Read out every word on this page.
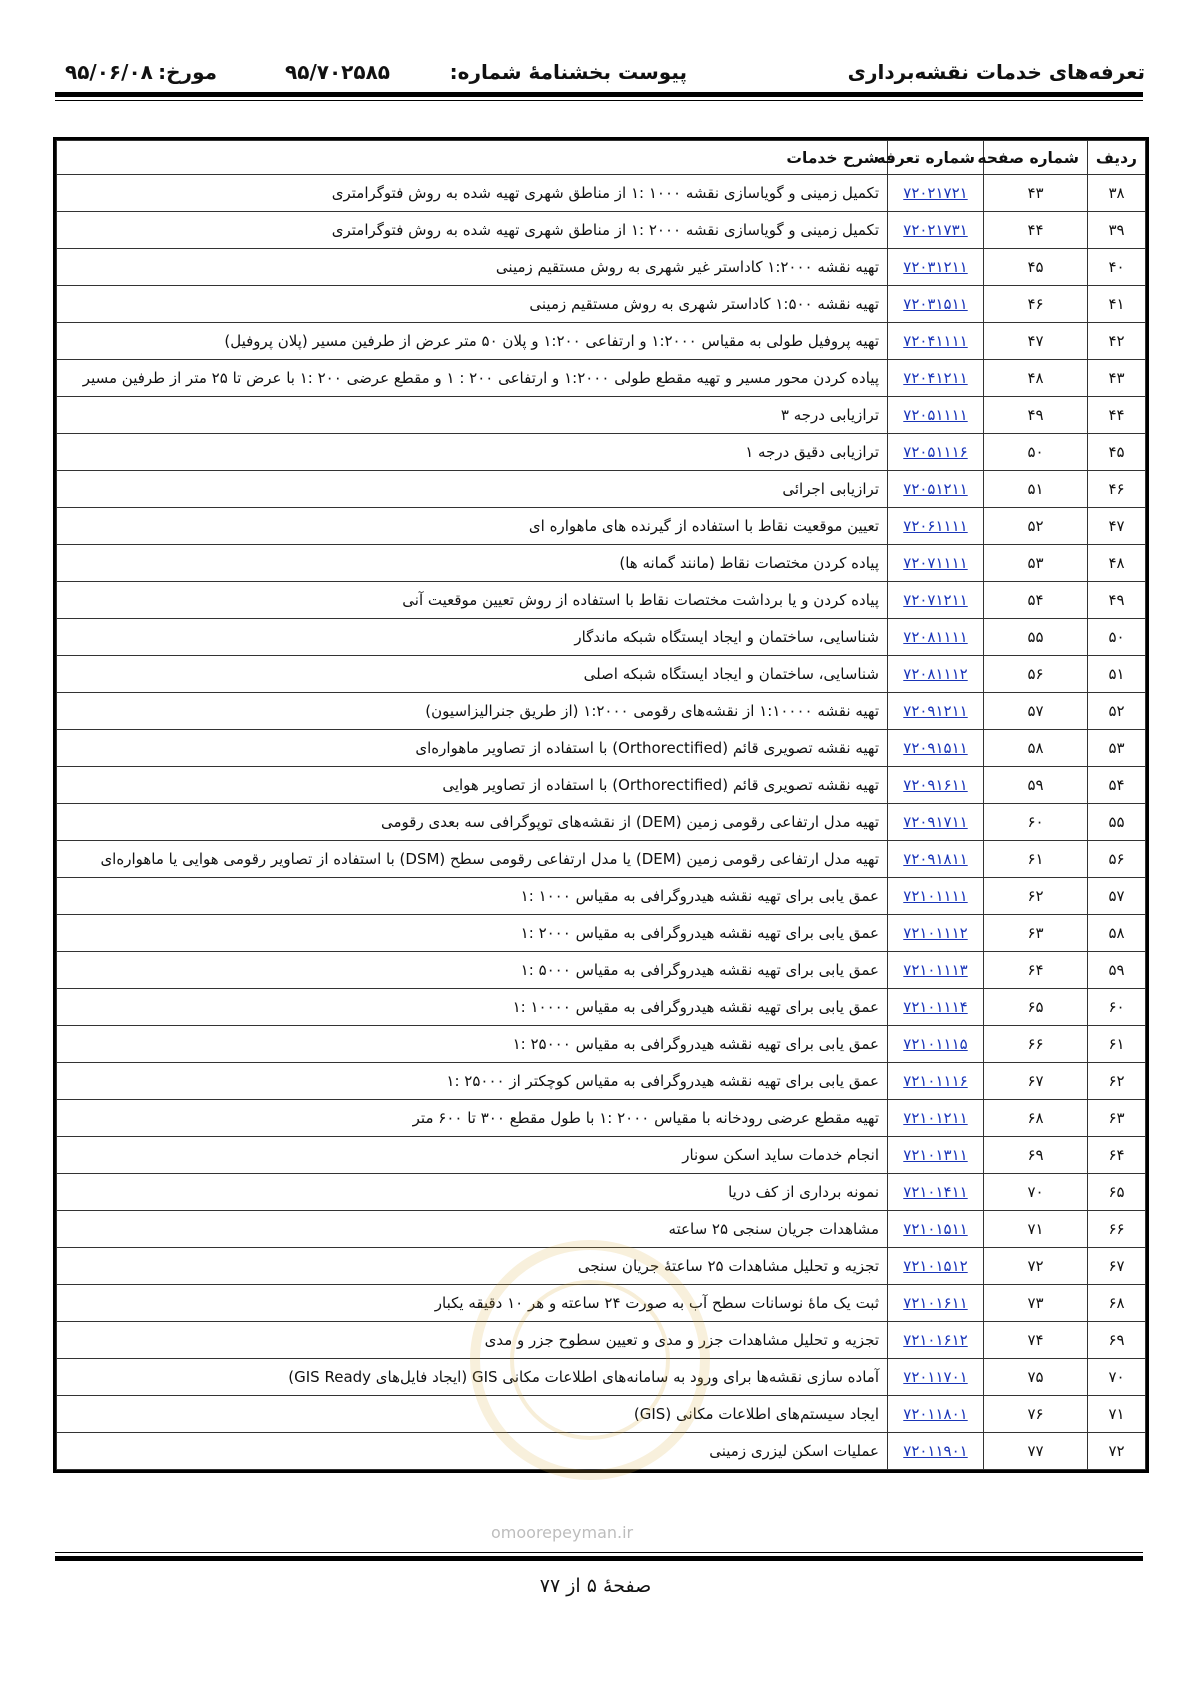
تعرفه‌های خدمات نقشه‌برداری
پیوست بخشنامهٔ شماره:
۹۵/۷۰۲۵۸۵
مورخ:
۹۵/۰۶/۰۸
ردیف	شماره صفحه	شماره تعرفه	شرح خدمات
۳۸	۴۳	۷۲۰۲۱۷۲۱	تکمیل زمینی و گویاسازی نقشه ۱۰۰۰ :۱ از مناطق شهری تهیه شده به روش فتوگرامتری
۳۹	۴۴	۷۲۰۲۱۷۳۱	تکمیل زمینی و گویاسازی نقشه ۲۰۰۰ :۱ از مناطق شهری تهیه شده به روش فتوگرامتری
۴۰	۴۵	۷۲۰۳۱۲۱۱	تهیه نقشه ۱:۲۰۰۰ کاداستر غیر شهری به روش مستقیم زمینی
۴۱	۴۶	۷۲۰۳۱۵۱۱	تهیه نقشه ۱:۵۰۰ کاداستر شهری به روش مستقیم زمینی
۴۲	۴۷	۷۲۰۴۱۱۱۱	تهیه پروفیل طولی به مقیاس ۱:۲۰۰۰ و ارتفاعی ۱:۲۰۰ و پلان ۵۰ متر عرض از طرفین مسیر (پلان پروفیل)
۴۳	۴۸	۷۲۰۴۱۲۱۱	پیاده کردن محور مسیر و تهیه مقطع طولی ۱:۲۰۰۰ و ارتفاعی ۲۰۰ : ۱ و مقطع عرضی ۲۰۰ :۱ با عرض تا ۲۵ متر از طرفین مسیر
۴۴	۴۹	۷۲۰۵۱۱۱۱	ترازیابی درجه ۳
۴۵	۵۰	۷۲۰۵۱۱۱۶	ترازیابی دقیق درجه ۱
۴۶	۵۱	۷۲۰۵۱۲۱۱	ترازیابی اجرائی
۴۷	۵۲	۷۲۰۶۱۱۱۱	تعیین موقعیت نقاط با استفاده از گیرنده های ماهواره ای
۴۸	۵۳	۷۲۰۷۱۱۱۱	پیاده کردن مختصات نقاط (مانند گمانه ها)
۴۹	۵۴	۷۲۰۷۱۲۱۱	پیاده کردن و یا برداشت مختصات نقاط با استفاده از روش تعیین موقعیت آنی
۵۰	۵۵	۷۲۰۸۱۱۱۱	شناسایی، ساختمان و ایجاد ایستگاه شبکه ماندگار
۵۱	۵۶	۷۲۰۸۱۱۱۲	شناسایی، ساختمان و ایجاد ایستگاه شبکه اصلی
۵۲	۵۷	۷۲۰۹۱۲۱۱	تهیه نقشه ۱:۱۰۰۰۰ از نقشه‌های رقومی ۱:۲۰۰۰ (از طریق جنرالیزاسیون)
۵۳	۵۸	۷۲۰۹۱۵۱۱	تهیه نقشه تصویری قائم (Orthorectified) با استفاده از تصاویر ماهواره‌ای
۵۴	۵۹	۷۲۰۹۱۶۱۱	تهیه نقشه تصویری قائم (Orthorectified) با استفاده از تصاویر هوایی
۵۵	۶۰	۷۲۰۹۱۷۱۱	تهیه مدل ارتفاعی رقومی زمین (DEM) از نقشه‌های توپوگرافی سه بعدی رقومی
۵۶	۶۱	۷۲۰۹۱۸۱۱	تهیه مدل ارتفاعی رقومی زمین (DEM) یا مدل ارتفاعی رقومی سطح (DSM) با استفاده از تصاویر رقومی هوایی یا ماهواره‌ای
۵۷	۶۲	۷۲۱۰۱۱۱۱	عمق یابی برای تهیه نقشه هیدروگرافی به مقیاس ۱۰۰۰ :۱
۵۸	۶۳	۷۲۱۰۱۱۱۲	عمق یابی برای تهیه نقشه هیدروگرافی به مقیاس ۲۰۰۰ :۱
۵۹	۶۴	۷۲۱۰۱۱۱۳	عمق یابی برای تهیه نقشه هیدروگرافی به مقیاس ۵۰۰۰ :۱
۶۰	۶۵	۷۲۱۰۱۱۱۴	عمق یابی برای تهیه نقشه هیدروگرافی به مقیاس ۱۰۰۰۰ :۱
۶۱	۶۶	۷۲۱۰۱۱۱۵	عمق یابی برای تهیه نقشه هیدروگرافی به مقیاس ۲۵۰۰۰ :۱
۶۲	۶۷	۷۲۱۰۱۱۱۶	عمق یابی برای تهیه نقشه هیدروگرافی به مقیاس کوچکتر از ۲۵۰۰۰ :۱
۶۳	۶۸	۷۲۱۰۱۲۱۱	تهیه مقطع عرضی رودخانه با مقیاس ۲۰۰۰ :۱ با طول مقطع ۳۰۰ تا ۶۰۰ متر
۶۴	۶۹	۷۲۱۰۱۳۱۱	انجام خدمات ساید اسکن سونار
۶۵	۷۰	۷۲۱۰۱۴۱۱	نمونه برداری از کف دریا
۶۶	۷۱	۷۲۱۰۱۵۱۱	مشاهدات جریان سنجی ۲۵ ساعته
۶۷	۷۲	۷۲۱۰۱۵۱۲	تجزیه و تحلیل مشاهدات ۲۵ ساعتهٔ جریان سنجی
۶۸	۷۳	۷۲۱۰۱۶۱۱	ثبت یک ماهٔ نوسانات سطح آب به صورت ۲۴ ساعته و هر ۱۰ دقیقه یکبار
۶۹	۷۴	۷۲۱۰۱۶۱۲	تجزیه و تحلیل مشاهدات جزر و مدی و تعیین سطوح جزر و مدی
۷۰	۷۵	۷۲۰۱۱۷۰۱	آماده سازی نقشه‌ها برای ورود به سامانه‌های اطلاعات مکانی GIS (ایجاد فایل‌های GIS Ready)
۷۱	۷۶	۷۲۰۱۱۸۰۱	ایجاد سیستم‌های اطلاعات مکانی (GIS)
۷۲	۷۷	۷۲۰۱۱۹۰۱	عملیات اسکن لیزری زمینی
omoorepeyman.ir
صفحهٔ ۵ از ۷۷
